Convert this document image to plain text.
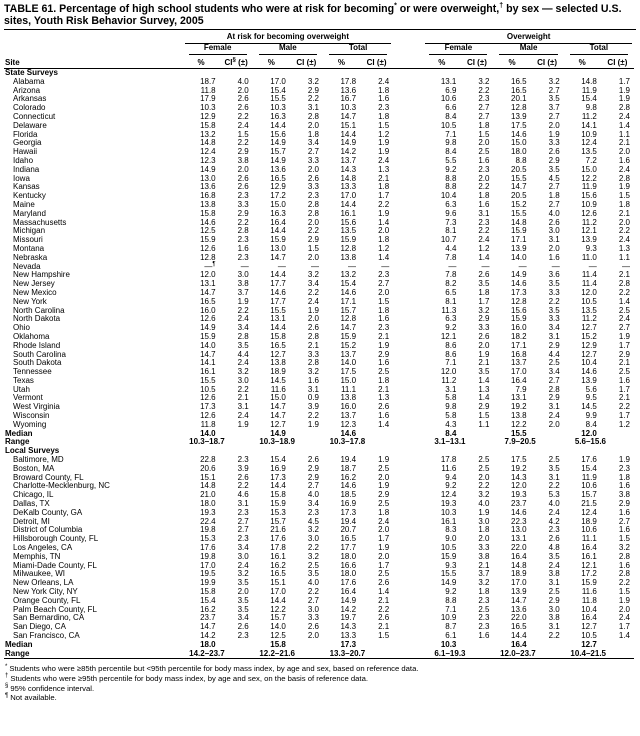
TABLE 61. Percentage of high school students who were at risk for becoming* or were overweight,† by sex — selected U.S. sites, Youth Risk Behavior Survey, 2005

	At risk for becoming overweight							Overweight					

	Female		Male		Total			Female		Male		Total	

Site	%	CI§ (±)	%	CI (±)	%	CI (±)		%	CI (±)	%	CI (±)	%	CI (±)
State Surveys													
Alabama	18.7	4.0	17.0	3.2	17.8	2.4		13.1	3.2	16.5	3.2	14.8	1.7
Arizona	11.8	2.0	15.4	2.9	13.6	1.8		6.9	2.2	16.5	2.7	11.9	1.9
Arkansas	17.9	2.6	15.5	2.2	16.7	1.6		10.6	2.3	20.1	3.5	15.4	1.9
Colorado	10.3	2.6	10.3	3.1	10.3	2.3		6.6	2.7	12.8	3.7	9.8	2.8
Connecticut	12.9	2.2	16.3	2.8	14.7	1.8		8.4	2.7	13.9	2.7	11.2	2.4
Delaware	15.8	2.4	14.4	2.0	15.1	1.5		10.5	1.8	17.5	2.0	14.1	1.4
Florida	13.2	1.5	15.6	1.8	14.4	1.2		7.1	1.5	14.6	1.9	10.9	1.1
Georgia	14.8	2.2	14.9	3.4	14.9	1.9		9.8	2.0	15.0	3.3	12.4	2.1
Hawaii	12.4	2.9	15.7	2.7	14.2	1.9		8.4	2.5	18.0	2.6	13.5	2.0
Idaho	12.3	3.8	14.9	3.3	13.7	2.4		5.5	1.6	8.8	2.9	7.2	1.6
Indiana	14.9	2.0	13.6	2.0	14.3	1.3		9.2	2.3	20.5	3.5	15.0	2.4
Iowa	13.0	2.6	16.5	2.6	14.8	2.1		8.8	2.0	15.5	4.5	12.2	2.8
Kansas	13.6	2.6	12.9	3.3	13.3	1.8		8.8	2.2	14.7	2.7	11.9	1.9
Kentucky	16.8	2.3	17.2	2.3	17.0	1.7		10.4	1.8	20.5	1.8	15.6	1.5
Maine	13.8	3.3	15.0	2.8	14.4	2.2		6.3	1.6	15.2	2.7	10.9	1.8
Maryland	15.8	2.9	16.3	2.8	16.1	1.9		9.6	3.1	15.5	4.0	12.6	2.1
Massachusetts	14.6	2.2	16.4	2.0	15.6	1.4		7.3	2.3	14.8	2.6	11.2	2.0
Michigan	12.5	2.8	14.4	2.2	13.5	2.0		8.1	2.2	15.9	3.0	12.1	2.2
Missouri	15.9	2.3	15.9	2.9	15.9	1.8		10.7	2.4	17.1	3.1	13.9	2.4
Montana	12.6	1.6	13.0	1.5	12.8	1.2		4.4	1.2	13.9	2.0	9.3	1.3
Nebraska	12.8	2.3	14.7	2.0	13.8	1.4		7.8	1.4	14.0	1.6	11.0	1.1
Nevada	—¶	—	—	—	—	—		—	—	—	—	—	—
New Hampshire	12.0	3.0	14.4	3.2	13.2	2.3		7.8	2.6	14.9	3.6	11.4	2.1
New Jersey	13.1	3.8	17.7	3.4	15.4	2.7		8.2	3.5	14.6	3.5	11.4	2.8
New Mexico	14.7	3.7	14.6	2.2	14.6	2.0		6.5	1.8	17.3	3.3	12.0	2.2
New York	16.5	1.9	17.7	2.4	17.1	1.5		8.1	1.7	12.8	2.2	10.5	1.4
North Carolina	16.0	2.2	15.5	1.9	15.7	1.8		11.3	3.2	15.6	3.5	13.5	2.5
North Dakota	12.6	2.4	13.1	2.0	12.8	1.6		6.3	2.9	15.9	3.3	11.2	2.4
Ohio	14.9	3.4	14.4	2.6	14.7	2.3		9.2	3.3	16.0	3.4	12.7	2.7
Oklahoma	15.9	2.8	15.8	2.8	15.9	2.1		12.1	2.6	18.2	3.1	15.2	1.9
Rhode Island	14.0	3.5	16.5	2.1	15.2	1.9		8.6	2.0	17.1	2.9	12.9	1.7
South Carolina	14.7	4.4	12.7	3.3	13.7	2.9		8.6	1.9	16.8	4.4	12.7	2.9
South Dakota	14.1	2.4	13.8	2.8	14.0	1.6		7.1	2.1	13.7	2.5	10.4	2.1
Tennessee	16.1	3.2	18.9	3.2	17.5	2.5		12.0	3.5	17.0	3.4	14.6	2.5
Texas	15.5	3.0	14.5	1.6	15.0	1.8		11.2	1.4	16.4	2.7	13.9	1.6
Utah	10.5	2.2	11.6	3.1	11.1	2.1		3.1	1.3	7.9	2.8	5.6	1.7
Vermont	12.6	2.1	15.0	0.9	13.8	1.3		5.8	1.4	13.1	2.9	9.5	2.1
West Virginia	17.3	3.1	14.7	3.9	16.0	2.6		9.8	2.9	19.2	3.1	14.5	2.2
Wisconsin	12.6	2.4	14.7	2.2	13.7	1.6		5.8	1.5	13.8	2.4	9.9	1.7
Wyoming	11.8	1.9	12.7	1.9	12.3	1.4		4.3	1.1	12.2	2.0	8.4	1.2
Median	14.0		14.9		14.6			8.4		15.5		12.0	
Range	10.3–18.7		10.3–18.9		10.3–17.8			3.1–13.1		7.9–20.5		5.6–15.6	
Local Surveys													
Baltimore, MD	22.8	2.3	15.4	2.6	19.4	1.9		17.8	2.5	17.5	2.5	17.6	1.9
Boston, MA	20.6	3.9	16.9	2.9	18.7	2.5		11.6	2.5	19.2	3.5	15.4	2.3
Broward County, FL	15.1	2.6	17.3	2.9	16.2	2.0		9.4	2.0	14.3	3.1	11.9	1.8
Charlotte-Mecklenburg, NC	14.8	2.2	14.4	2.7	14.6	1.9		9.2	2.2	12.0	2.2	10.6	1.6
Chicago, IL	21.0	4.6	15.8	4.0	18.5	2.9		12.4	3.2	19.3	5.3	15.7	3.8
Dallas, TX	18.0	3.1	15.9	3.4	16.9	2.5		19.3	4.0	23.7	4.0	21.5	2.9
DeKalb County, GA	19.3	2.3	15.3	2.3	17.3	1.8		10.3	1.9	14.6	2.4	12.4	1.6
Detroit, MI	22.4	2.7	15.7	4.5	19.4	2.4		16.1	3.0	22.3	4.2	18.9	2.7
District of Columbia	19.8	2.7	21.6	3.2	20.7	2.0		8.3	1.8	13.0	2.3	10.6	1.6
Hillsborough County, FL	15.3	2.3	17.6	3.0	16.5	1.7		9.0	2.0	13.1	2.6	11.1	1.5
Los Angeles, CA	17.6	3.4	17.8	2.2	17.7	1.9		10.5	3.3	22.0	4.8	16.4	3.2
Memphis, TN	19.8	3.0	16.1	3.2	18.0	2.0		15.9	3.8	16.4	3.5	16.1	2.8
Miami-Dade County, FL	17.0	2.4	16.2	2.5	16.6	1.7		9.3	2.1	14.8	2.4	12.1	1.6
Milwaukee, WI	19.5	3.2	16.5	3.5	18.0	2.5		15.5	3.7	18.9	3.8	17.2	2.8
New Orleans, LA	19.9	3.5	15.1	4.0	17.6	2.6		14.9	3.2	17.0	3.1	15.9	2.2
New York City, NY	15.8	2.0	17.0	2.2	16.4	1.4		9.2	1.8	13.9	2.5	11.6	1.5
Orange County, FL	15.4	3.5	14.4	2.7	14.9	2.1		8.8	2.3	14.7	2.9	11.8	1.9
Palm Beach County, FL	16.2	3.5	12.2	3.0	14.2	2.2		7.1	2.5	13.6	3.0	10.4	2.0
San Bernardino, CA	23.7	3.4	15.7	3.3	19.7	2.6		10.9	2.3	22.0	3.8	16.4	2.4
San Diego, CA	14.7	2.6	14.0	2.6	14.3	2.1		8.7	2.3	16.5	3.1	12.7	1.7
San Francisco, CA	14.2	2.3	12.5	2.0	13.3	1.5		6.1	1.6	14.4	2.2	10.5	1.4
Median	18.0		15.8		17.3			10.3		16.4		12.7	
Range	14.2–23.7		12.2–21.6		13.3–20.7			6.1–19.3		12.0–23.7		10.4–21.5	
* Students who were ≥85th percentile but <95th percentile for body mass index, by age and sex, based on reference data.
† Students who were ≥95th percentile for body mass index, by age and sex, on the basis of reference data.
§ 95% confidence interval.
¶ Not available.
